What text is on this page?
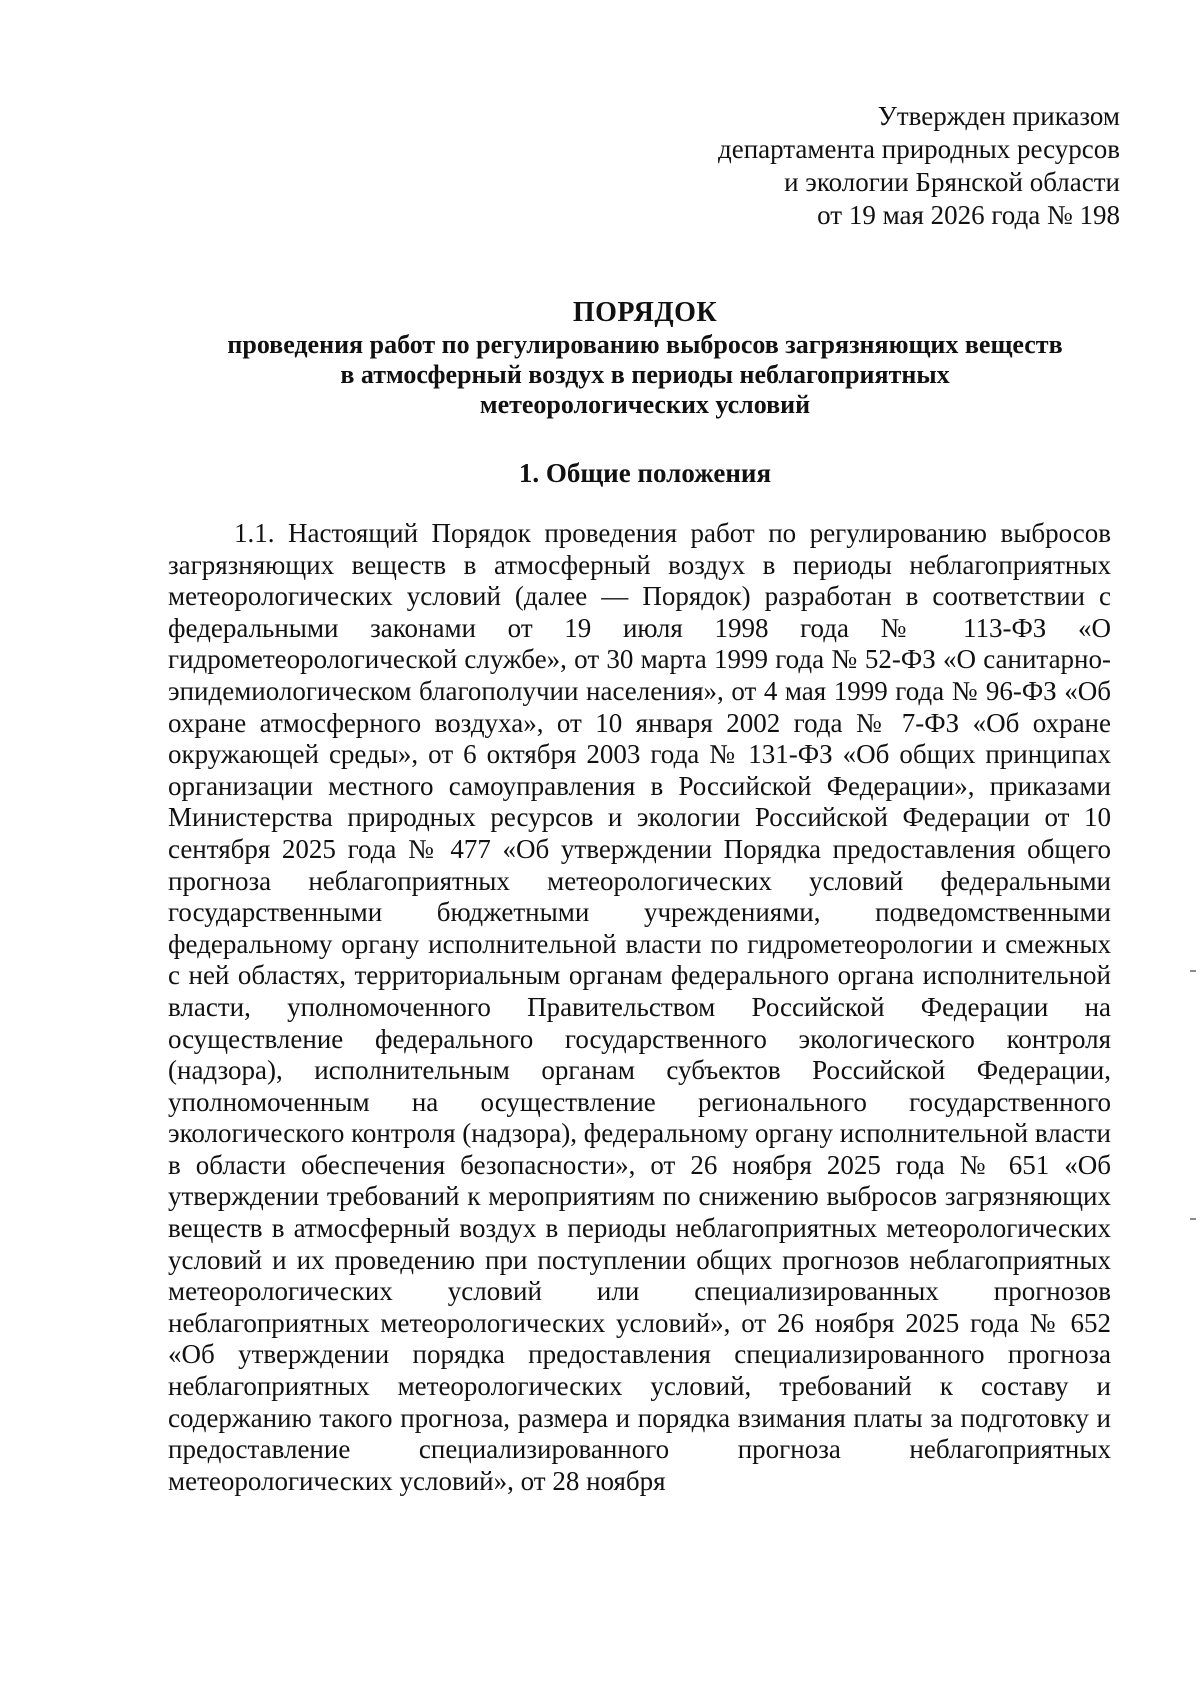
Утвержден приказом
департамента природных ресурсов
и экологии Брянской области
от 19 мая 2026 года № 198
ПОРЯДОК
проведения работ по регулированию выбросов загрязняющих веществ
в атмосферный воздух в периоды неблагоприятных
метеорологических условий
1. Общие положения

1.1. Настоящий Порядок проведения работ по регулированию выбросов загрязняющих веществ в атмосферный воздух в периоды неблагоприятных метеорологических условий (далее — Порядок) разработан в соответствии с федеральными законами от 19 июля 1998 года № 113-ФЗ «О гидрометеорологической службе», от 30 марта 1999 года № 52-ФЗ «О санитарно-эпидемиологическом благополучии населения», от 4 мая 1999 года № 96-ФЗ «Об охране атмосферного воздуха», от 10 января 2002 года № 7-ФЗ «Об охране окружающей среды», от 6 октября 2003 года № 131-ФЗ «Об общих принципах организации местного самоуправления в Российской Федерации», приказами Министерства природных ресурсов и экологии Российской Федерации от 10 сентября 2025 года № 477 «Об утверждении Порядка предоставления общего прогноза неблагоприятных метеорологических условий федеральными государственными бюджетными учреждениями, подведомственными федеральному органу исполнительной власти по гидрометеорологии и смежных с ней областях, территориальным органам федерального органа исполнительной власти, уполномоченного Правительством Российской Федерации на осуществление федерального государственного экологического контроля (надзора), исполнительным органам субъектов Российской Федерации, уполномоченным на осуществление регионального государственного экологического контроля (надзора), федеральному органу исполнительной власти в области обеспечения безопасности», от 26 ноября 2025 года № 651 «Об утверждении требований к мероприятиям по снижению выбросов загрязняющих веществ в атмосферный воздух в периоды неблагоприятных метеорологических условий и их проведению при поступлении общих прогнозов неблагоприятных метеорологических условий или специализированных прогнозов неблагоприятных метеорологических условий», от 26 ноября 2025 года № 652 «Об утверждении порядка предоставления специализированного прогноза неблагоприятных метеорологических условий, требований к составу и содержанию такого прогноза, размера и порядка взимания платы за подготовку и предоставление специализированного прогноза неблагоприятных метеорологических условий», от 28 ноября
